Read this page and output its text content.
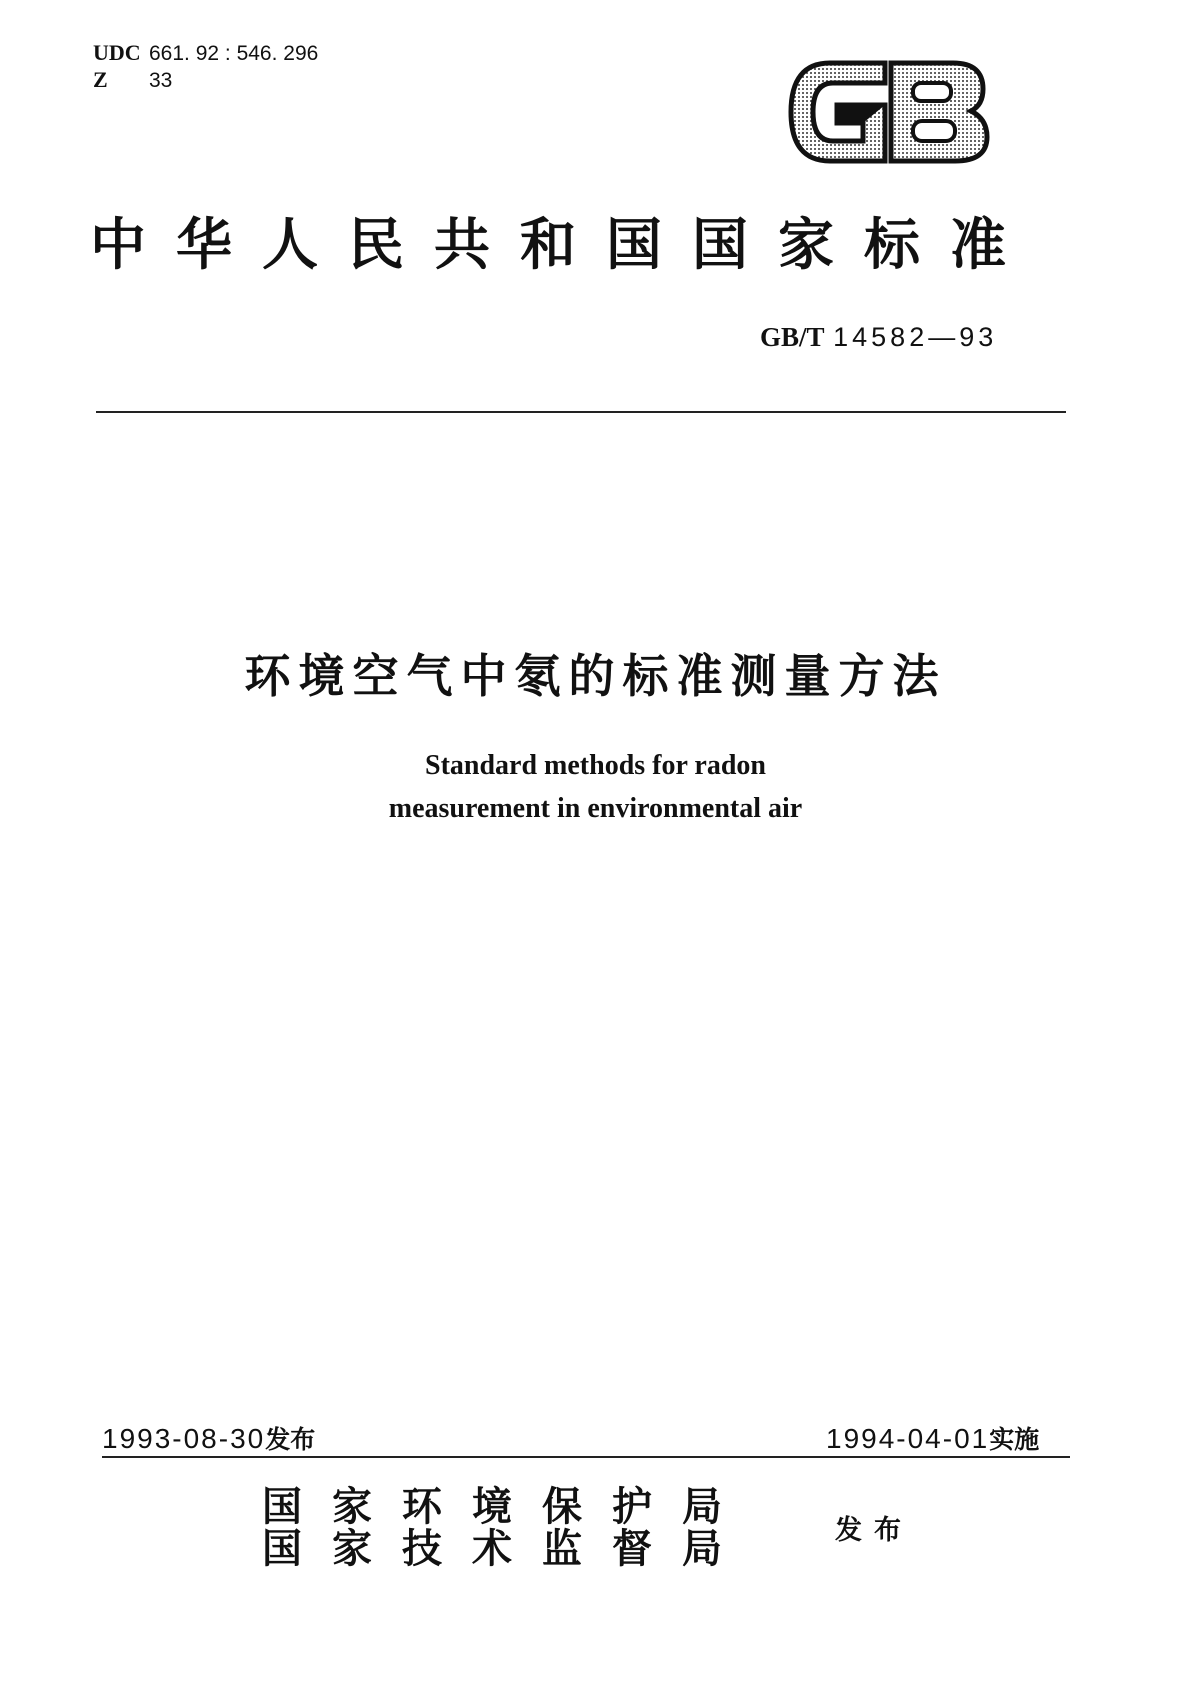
UDC 661. 92 : 546. 296
Z 33
中华人民共和国国家标准
GB/T 14582—93
环境空气中氡的标准测量方法
Standard methods for radon
measurement in environmental air
1993-08-30发布	1994-04-01实施
国家环境保护局
国家技术监督局	发布
